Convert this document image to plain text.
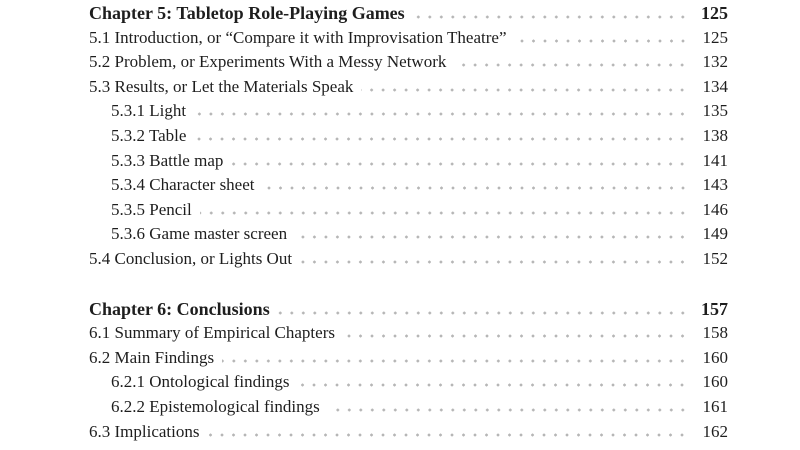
Chapter 5: Tabletop Role-Playing Games	125
5.1 Introduction, or “Compare it with Improvisation Theatre”	125
5.2 Problem, or Experiments With a Messy Network	132
5.3 Results, or Let the Materials Speak	134
5.3.1 Light	135
5.3.2 Table	138
5.3.3 Battle map	141
5.3.4 Character sheet	143
5.3.5 Pencil	146
5.3.6 Game master screen	149
5.4 Conclusion, or Lights Out	152
Chapter 6: Conclusions	157
6.1 Summary of Empirical Chapters	158
6.2 Main Findings	160
6.2.1 Ontological findings	160
6.2.2 Epistemological findings	161
6.3 Implications	162
